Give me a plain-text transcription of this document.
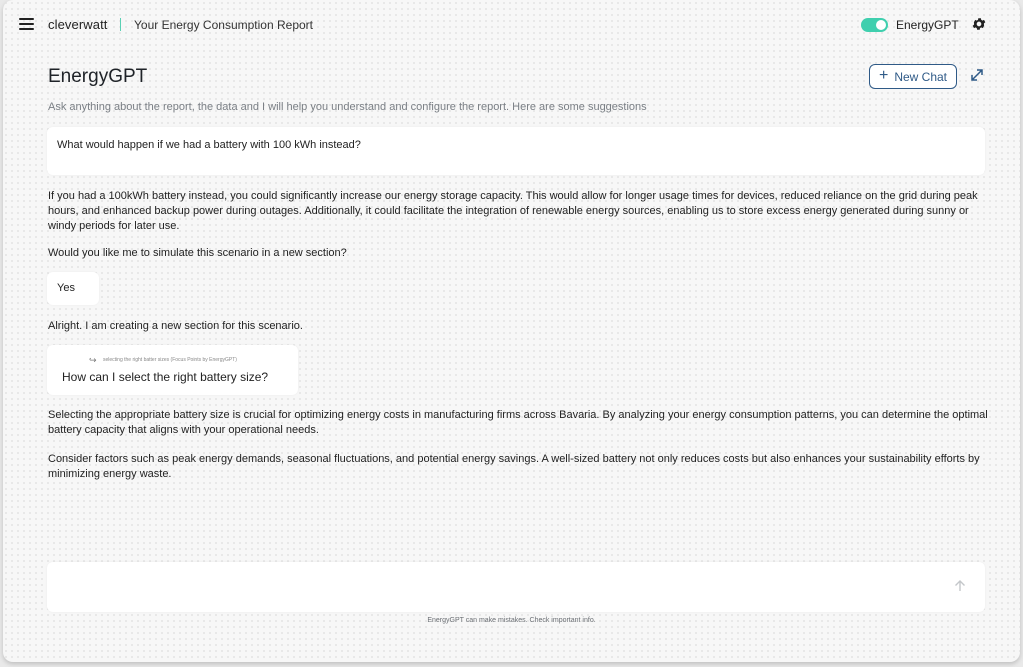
cleverwatt Your Energy Consumption Report	EnergyGPT
EnergyGPT	+ New Chat
Ask anything about the report, the data and I will help you understand and configure the report. Here are some suggestions
What would happen if we had a battery with 100 kWh instead?
If you had a 100kWh battery instead, you could significantly increase our energy storage capacity. This would allow for longer usage times for devices, reduced reliance on the grid during peak hours, and enhanced backup power during outages. Additionally, it could facilitate the integration of renewable energy sources, enabling us to store excess energy generated during sunny or windy periods for later use.
Would you like me to simulate this scenario in a new section?
Yes
Alright. I am creating a new section for this scenario.
↪ selecting the right batter sizes (Focus Points by EnergyGPT)
How can I select the right battery size?
Selecting the appropriate battery size is crucial for optimizing energy costs in manufacturing firms across Bavaria. By analyzing your energy consumption patterns, you can determine the optimal battery capacity that aligns with your operational needs.
Consider factors such as peak energy demands, seasonal fluctuations, and potential energy savings. A well-sized battery not only reduces costs but also enhances your sustainability efforts by minimizing energy waste.
EnergyGPT can make mistakes. Check important info.
